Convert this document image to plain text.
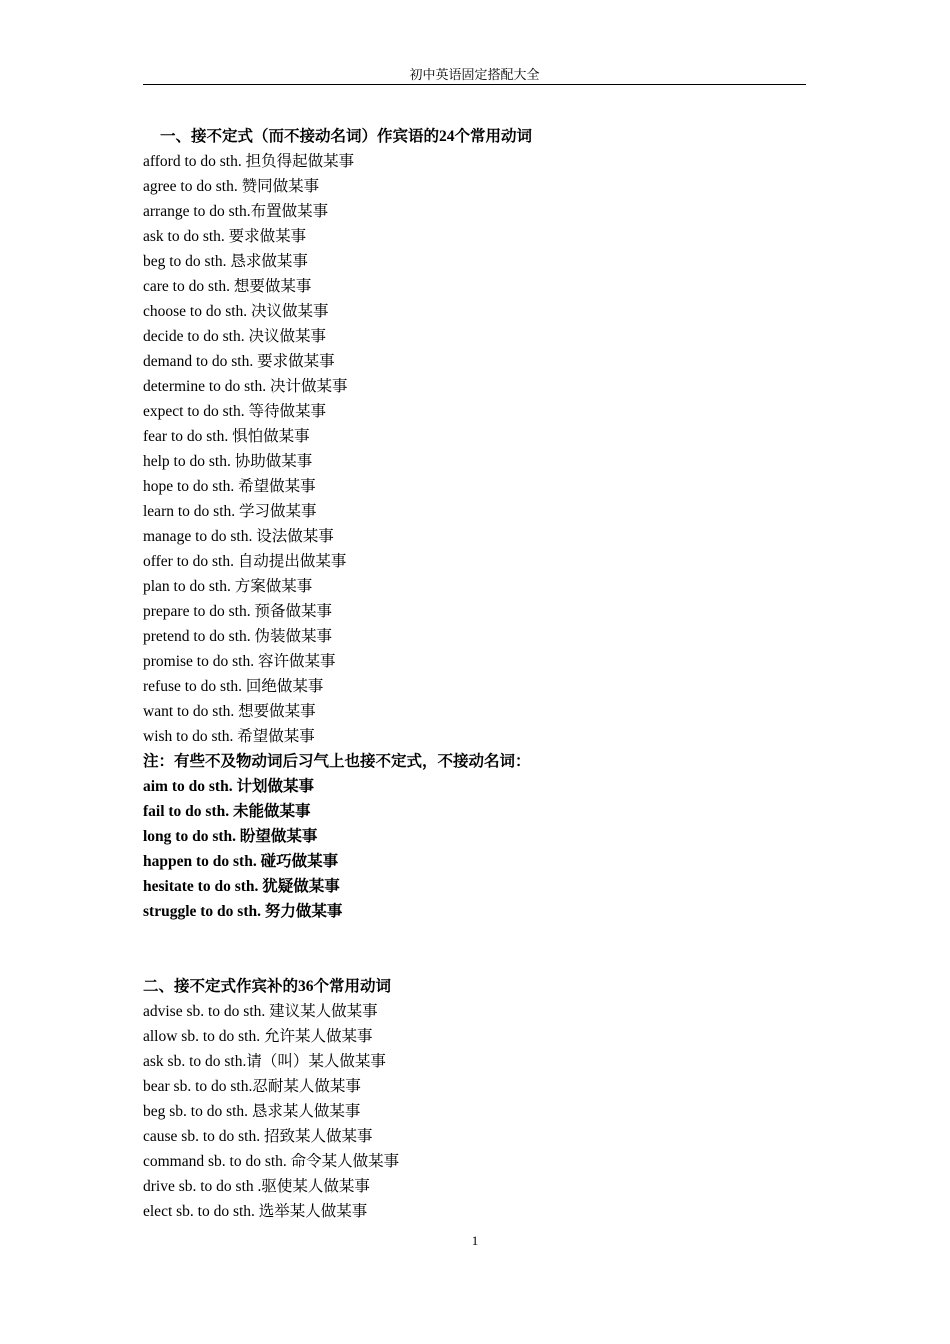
初中英语固定搭配大全
一、接不定式（而不接动名词）作宾语的24个常用动词
afford to do sth. 担负得起做某事
agree to do sth. 赞同做某事
arrange to do sth.布置做某事
ask to do sth. 要求做某事
beg to do sth. 恳求做某事
care to do sth. 想要做某事
choose to do sth. 决议做某事
decide to do sth. 决议做某事
demand to do sth. 要求做某事
determine to do sth. 决计做某事
expect to do sth. 等待做某事
fear to do sth. 惧怕做某事
help to do sth. 协助做某事
hope to do sth. 希望做某事
learn to do sth. 学习做某事
manage to do sth. 设法做某事
offer to do sth. 自动提出做某事
plan to do sth. 方案做某事
prepare to do sth. 预备做某事
pretend to do sth. 伪装做某事
promise to do sth. 容许做某事
refuse to do sth. 回绝做某事
want to do sth. 想要做某事
wish to do sth. 希望做某事
注：有些不及物动词后习气上也接不定式，不接动名词：
aim to do sth. 计划做某事
fail to do sth. 未能做某事
long to do sth. 盼望做某事
happen to do sth. 碰巧做某事
hesitate to do sth. 犹疑做某事
struggle to do sth. 努力做某事
二、接不定式作宾补的36个常用动词
advise sb. to do sth. 建议某人做某事
allow sb. to do sth. 允许某人做某事
ask sb. to do sth.请（叫）某人做某事
bear sb. to do sth.忍耐某人做某事
beg sb. to do sth. 恳求某人做某事
cause sb. to do sth. 招致某人做某事
command sb. to do sth. 命令某人做某事
drive sb. to do sth .驱使某人做某事
elect sb. to do sth. 选举某人做某事
1
